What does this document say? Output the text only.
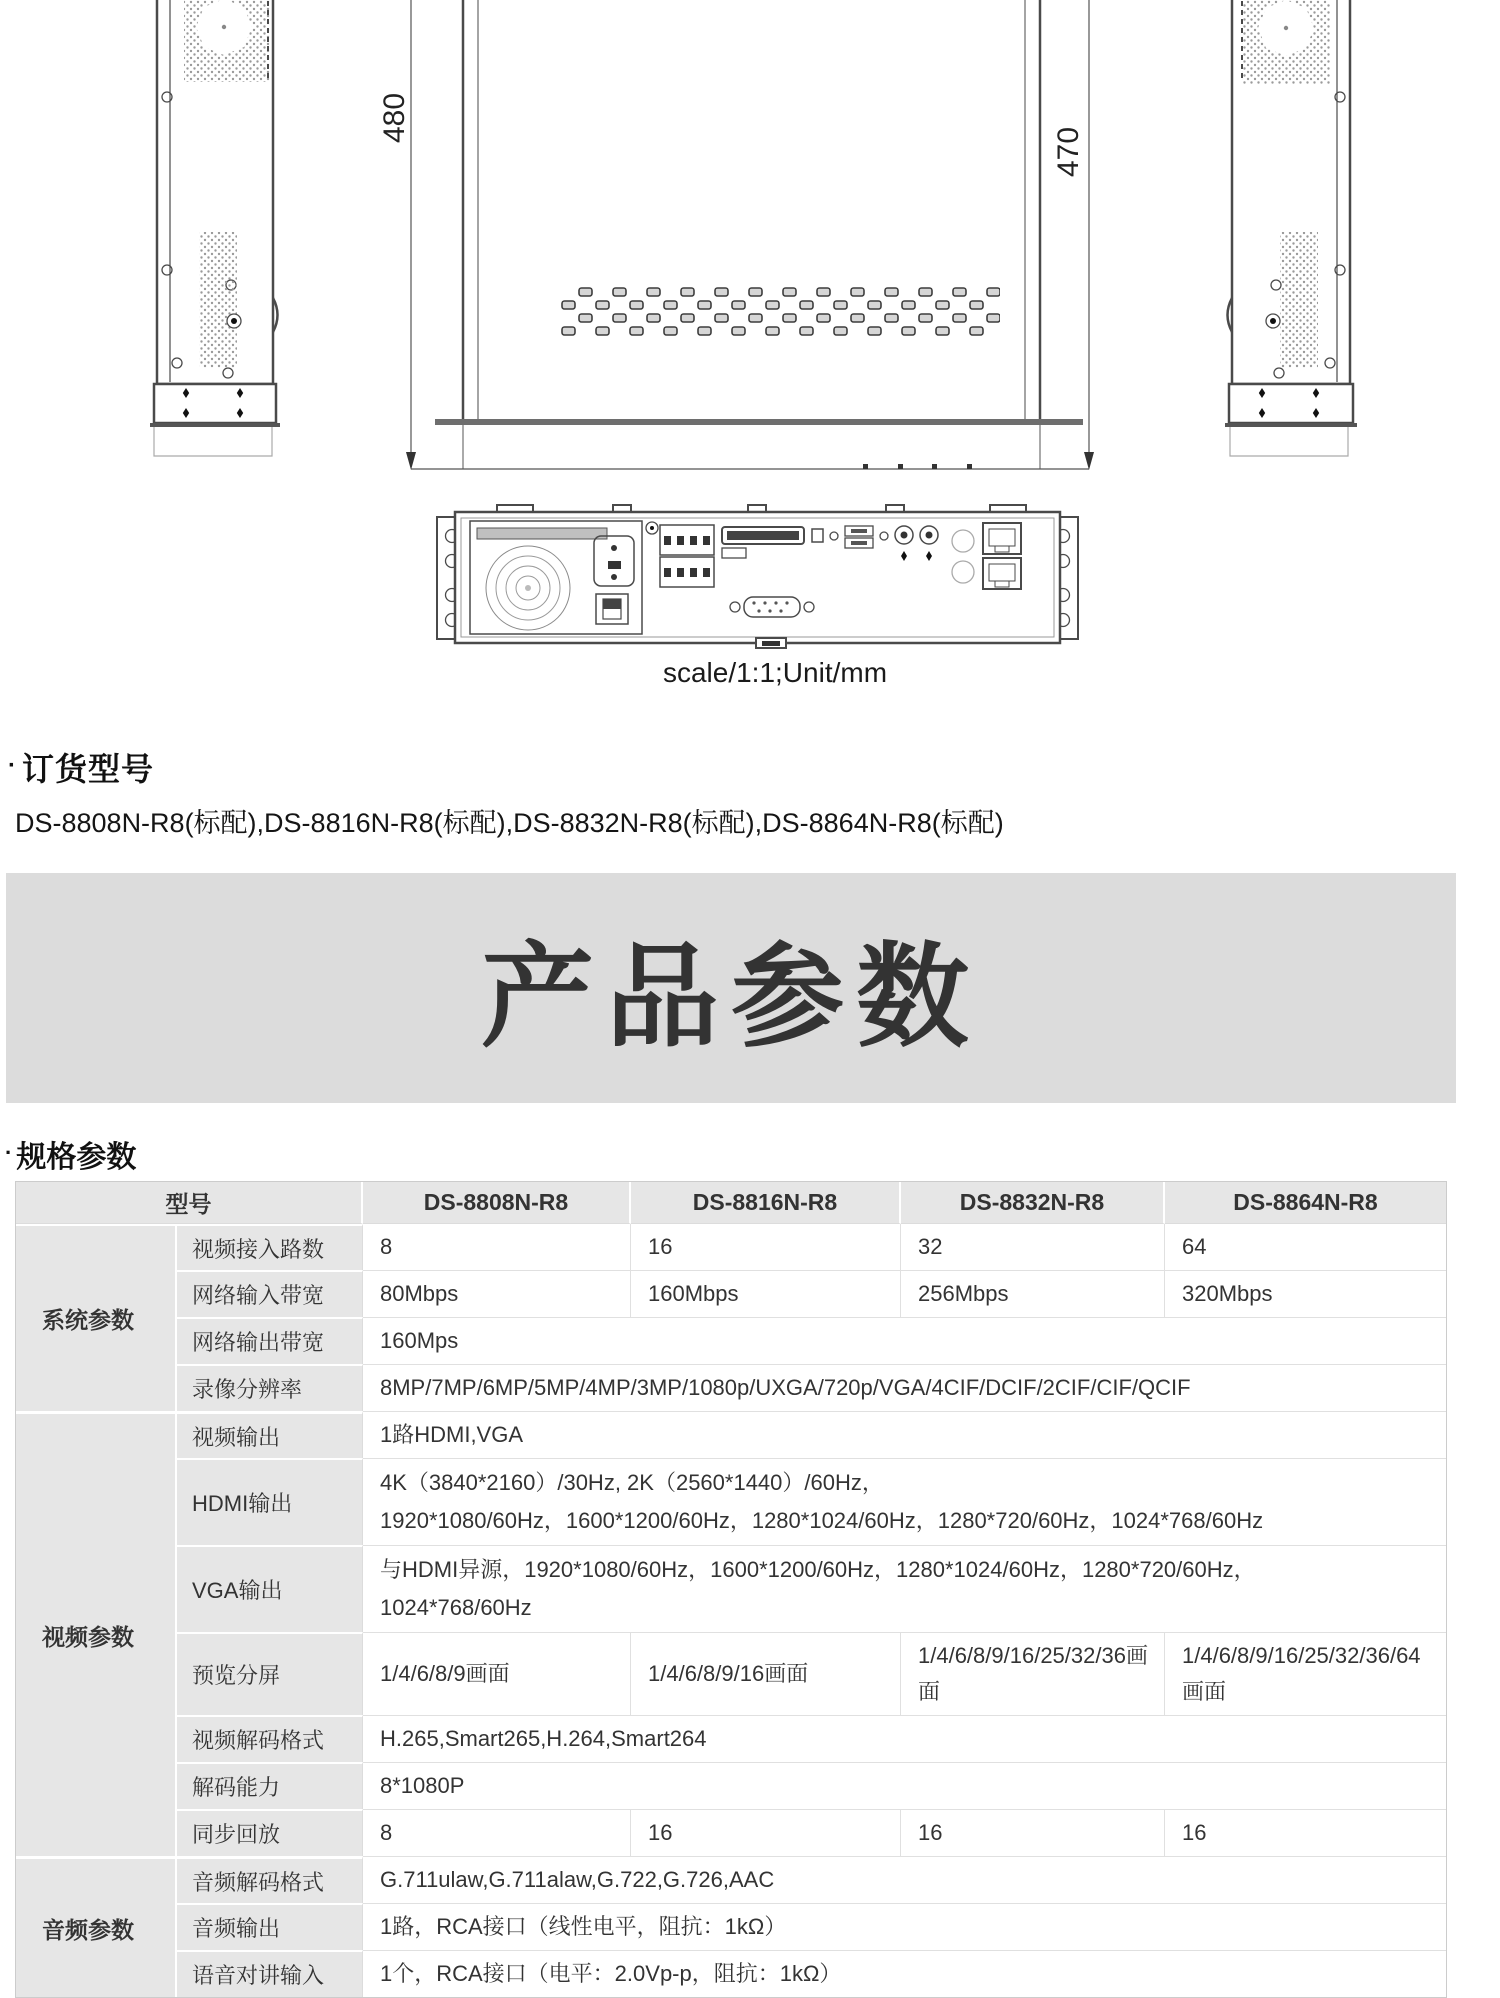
480
470
scale/1:1;Unit/mm
· 订货型号
DS-8808N-R8(标配),DS-8816N-R8(标配),DS-8832N-R8(标配),DS-8864N-R8(标配)
产品参数
· 规格参数
型号		DS-8808N-R8	DS-8816N-R8	DS-8832N-R8	DS-8864N-R8
系统参数	视频接入路数	8	16	32	64
	网络输入带宽	80Mbps	160Mbps	256Mbps	320Mbps
	网络输出带宽	160Mps			
	录像分辨率	8MP/7MP/6MP/5MP/4MP/3MP/1080p/UXGA/720p/VGA/4CIF/DCIF/2CIF/CIF/QCIF			
视频参数	视频输出	1路HDMI,VGA			
	HDMI输出	4K（3840*2160）/30Hz, 2K（2560*1440）/60Hz，
1920*1080/60Hz，1600*1200/60Hz，1280*1024/60Hz，1280*720/60Hz，1024*768/60Hz			

	VGA输出	与HDMI异源，1920*1080/60Hz，1600*1200/60Hz，1280*1024/60Hz，1280*720/60Hz，
1024*768/60Hz			

	预览分屏	1/4/6/8/9画面	1/4/6/8/9/16画面	1/4/6/8/9/16/25/32/36画面	1/4/6/8/9/16/25/32/36/64画面
	视频解码格式	H.265,Smart265,H.264,Smart264			
	解码能力	8*1080P			
	同步回放	8	16	16	16
音频参数	音频解码格式	G.711ulaw,G.711alaw,G.722,G.726,AAC			
	音频输出	1路，RCA接口（线性电平，阻抗：1kΩ）			
	语音对讲输入	1个，RCA接口（电平：2.0Vp-p，阻抗：1kΩ）			
